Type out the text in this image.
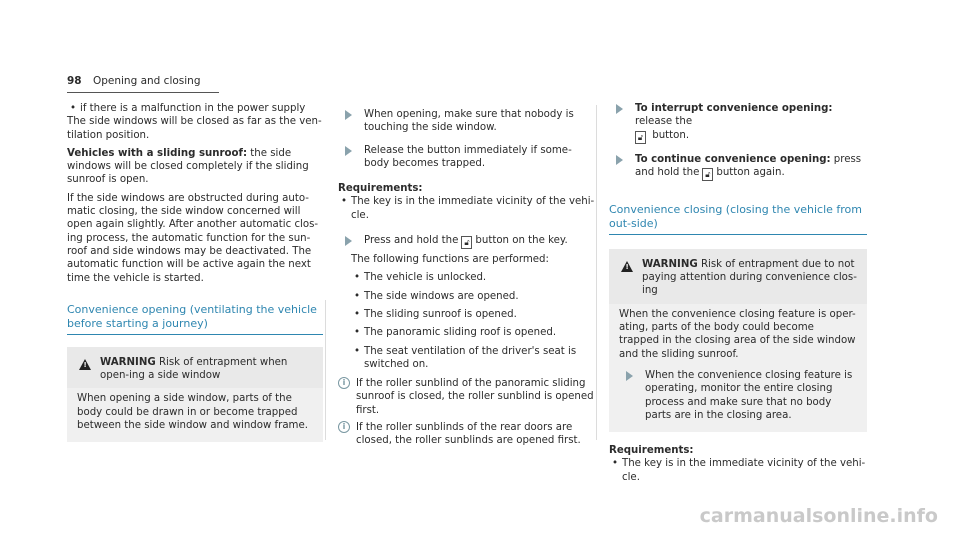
98 Opening and closing

• if there is a malfunction in the power supply

The side windows will be closed as far as the ven-tilation position.

Vehicles with a sliding sunroof: the side windows will be closed completely if the sliding sunroof is open.

If the side windows are obstructed during auto-matic closing, the side window concerned will open again slightly. After another automatic clos-ing process, the automatic function for the sun-roof and side windows may be deactivated. The automatic function will be active again the next time the vehicle is started.

Convenience opening (ventilating the vehicle before starting a journey)
!
WARNING Risk of entrapment when open-ing a side window
When opening a side window, parts of the body could be drawn in or become trapped between the side window and window frame.

When opening, make sure that nobody is touching the side window.

Release the button immediately if some-body becomes trapped.

Requirements:

• The key is in the immediate vicinity of the vehi-cle.

Press and hold the 🔓︎ button on the key.

The following functions are performed:

• The vehicle is unlocked.

• The side windows are opened.

• The sliding sunroof is opened.

• The panoramic sliding roof is opened.

• The seat ventilation of the driver's seat is switched on.

i	If the roller sunblind of the panoramic sliding sunroof is closed, the roller sunblind is opened first.

i	If the roller sunblinds of the rear doors are closed, the roller sunblinds are opened first.

To interrupt convenience opening: release the
🔓︎ button.

To continue convenience opening: press and hold the 🔓︎ button again.

Convenience closing (closing the vehicle from out-side)
!
WARNING Risk of entrapment due to not paying attention during convenience clos-ing

When the convenience closing feature is oper-ating, parts of the body could become trapped in the closing area of the side window and the sliding sunroof.

When the convenience closing feature is operating, monitor the entire closing process and make sure that no body parts are in the closing area.

Requirements:

• The key is in the immediate vicinity of the vehi-cle.

carmanualsonline.info
